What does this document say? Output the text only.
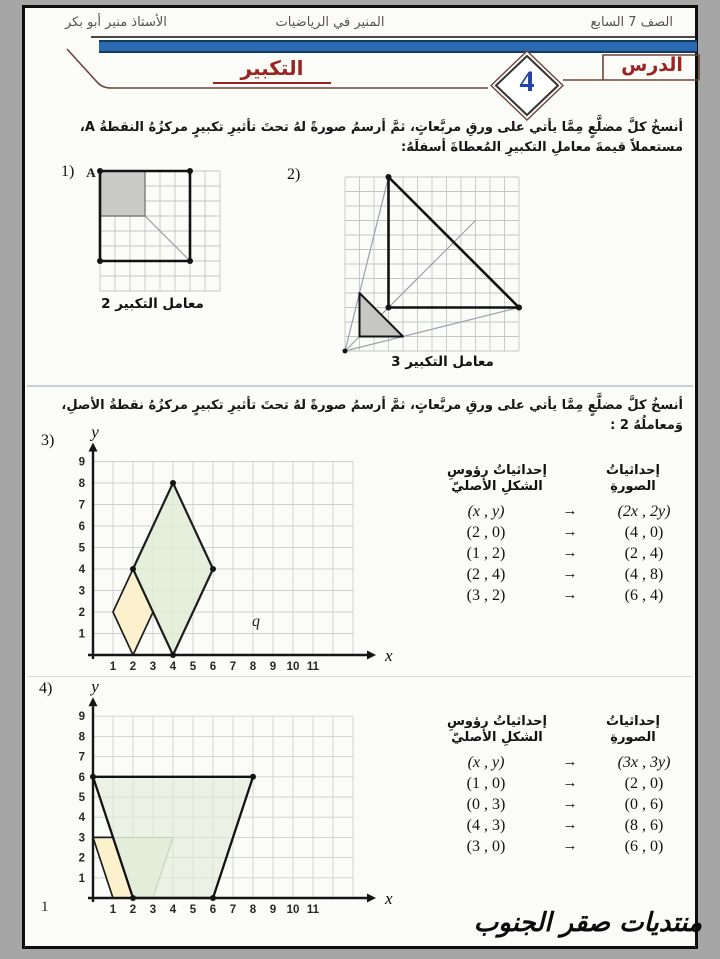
الصف 7 السابع
المنير في الرياضيات
الأستاذ منير أبو بكر
الدرس
4
التكبير
أنسخُ كلَّ مضلَّعٍ مِمَّا يأتي على ورقِ مربَّعاتٍ، ثمَّ أرسمُ صورةً لهُ تحتَ تأثيرِ تكبيرٍ مركزُهُ النقطةُ A،
مستعملاً قيمةَ معاملِ التكبيرِ المُعطاةَ أسفلَهُ:
1) A
معامل التكبير 2
2)
معامل التكبير 3
أنسخُ كلَّ مضلَّعٍ مِمَّا يأتي على ورقِ مربَّعاتٍ، ثمَّ أرسمُ صورةً لهُ تحتَ تأثيرِ تكبيرٍ مركزُهُ نقطةُ الأصلِ، وَمعاملُهُ 2 :
3)
1 2 3 4 5 6 7 8 9 10 11
1
2
3
4
5
6
7
8
9
x
y
q
إحداثياتُ رؤوسِ
الشكلِ الأصليّ
إحداثياتُ
الصورةِ
(x , y)	→	(2x , 2y)
(2 , 0)	→	(4 , 0)
(1 , 2)	→	(2 , 4)
(2 , 4)	→	(4 , 8)
(3 , 2)	→	(6 , 4)
4)
1 2 3 4 5 6 7 8 9 10 11
1
2
3
4
5
6
7
8
9
x
y
إحداثياتُ رؤوسِ
الشكلِ الأصليّ
إحداثياتُ
الصورةِ
(x , y)	→	(3x , 3y)
(1 , 0)	→	(2 , 0)
(0 , 3)	→	(0 , 6)
(4 , 3)	→	(8 , 6)
(3 , 0)	→	(6 , 0)
1
منتديات صقر الجنوب
